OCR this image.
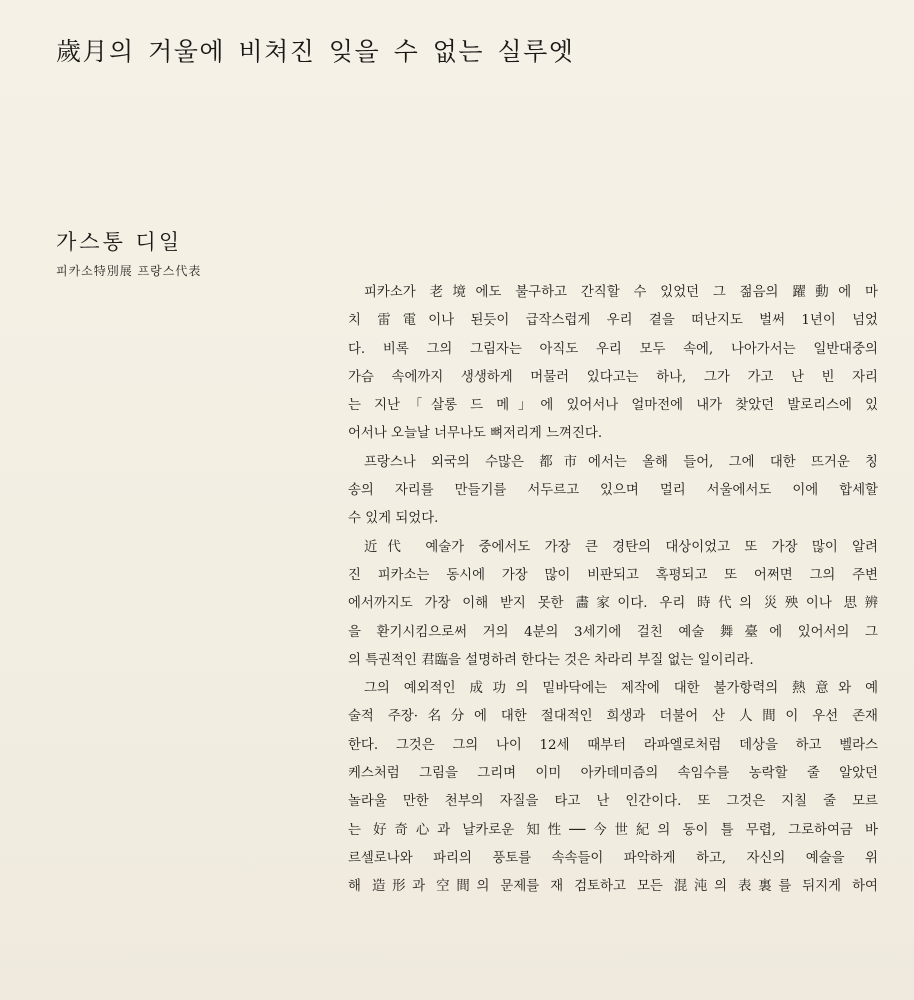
歲月의 거울에 비쳐진 잊을 수 없는 실루엣
가스통 디일
피카소特別展 프랑스代表
피카소가 老境에도 불구하고 간직할 수 있었던 그 젊음의 躍動에 마
치 雷電이나 된듯이 급작스럽게 우리 곁을 떠난지도 벌써 1년이 넘었
다. 비록 그의 그림자는 아직도 우리 모두 속에, 나아가서는 일반대중의
가슴 속에까지 생생하게 머물러 있다고는 하나, 그가 가고 난 빈 자리
는 지난「살롱 드 메」에 있어서나 얼마전에 내가 찾았던 발로리스에 있
어서나 오늘날 너무나도 뼈저리게 느껴진다.
프랑스나 외국의 수많은 都市에서는 올해 들어, 그에 대한 뜨거운 칭
송의 자리를 만들기를 서두르고 있으며 멀리 서울에서도 이에 합세할
수 있게 되었다.
近代 예술가 중에서도 가장 큰 경탄의 대상이었고 또 가장 많이 알려
진 피카소는 동시에 가장 많이 비판되고 혹평되고 또 어쩌면 그의 주변
에서까지도 가장 이해 받지 못한 畵家이다. 우리 時代의 災殃이나 思辨
을 환기시킴으로써 거의 4분의 3세기에 걸친 예술 舞臺에 있어서의 그
의 특권적인 君臨을 설명하려 한다는 것은 차라리 부질 없는 일이리라.
그의 예외적인 成功의 밑바닥에는 제작에 대한 불가항력의 熱意와 예
술적 주장·名分에 대한 절대적인 희생과 더불어 산 人間이 우선 존재
한다. 그것은 그의 나이 12세 때부터 라파엘로처럼 데상을 하고 벨라스
케스처럼 그림을 그리며 이미 아카데미즘의 속임수를 농락할 줄 알았던
놀라울 만한 천부의 자질을 타고 난 인간이다. 또 그것은 지칠 줄 모르
는 好奇心과 날카로운 知性──今世紀의 동이 틀 무렵, 그로하여금 바
르셀로나와 파리의 풍토를 속속들이 파악하게 하고, 자신의 예술을 위
해 造形과 空間의 문제를 재 검토하고 모든 混沌의 表裏를 뒤지게 하여
